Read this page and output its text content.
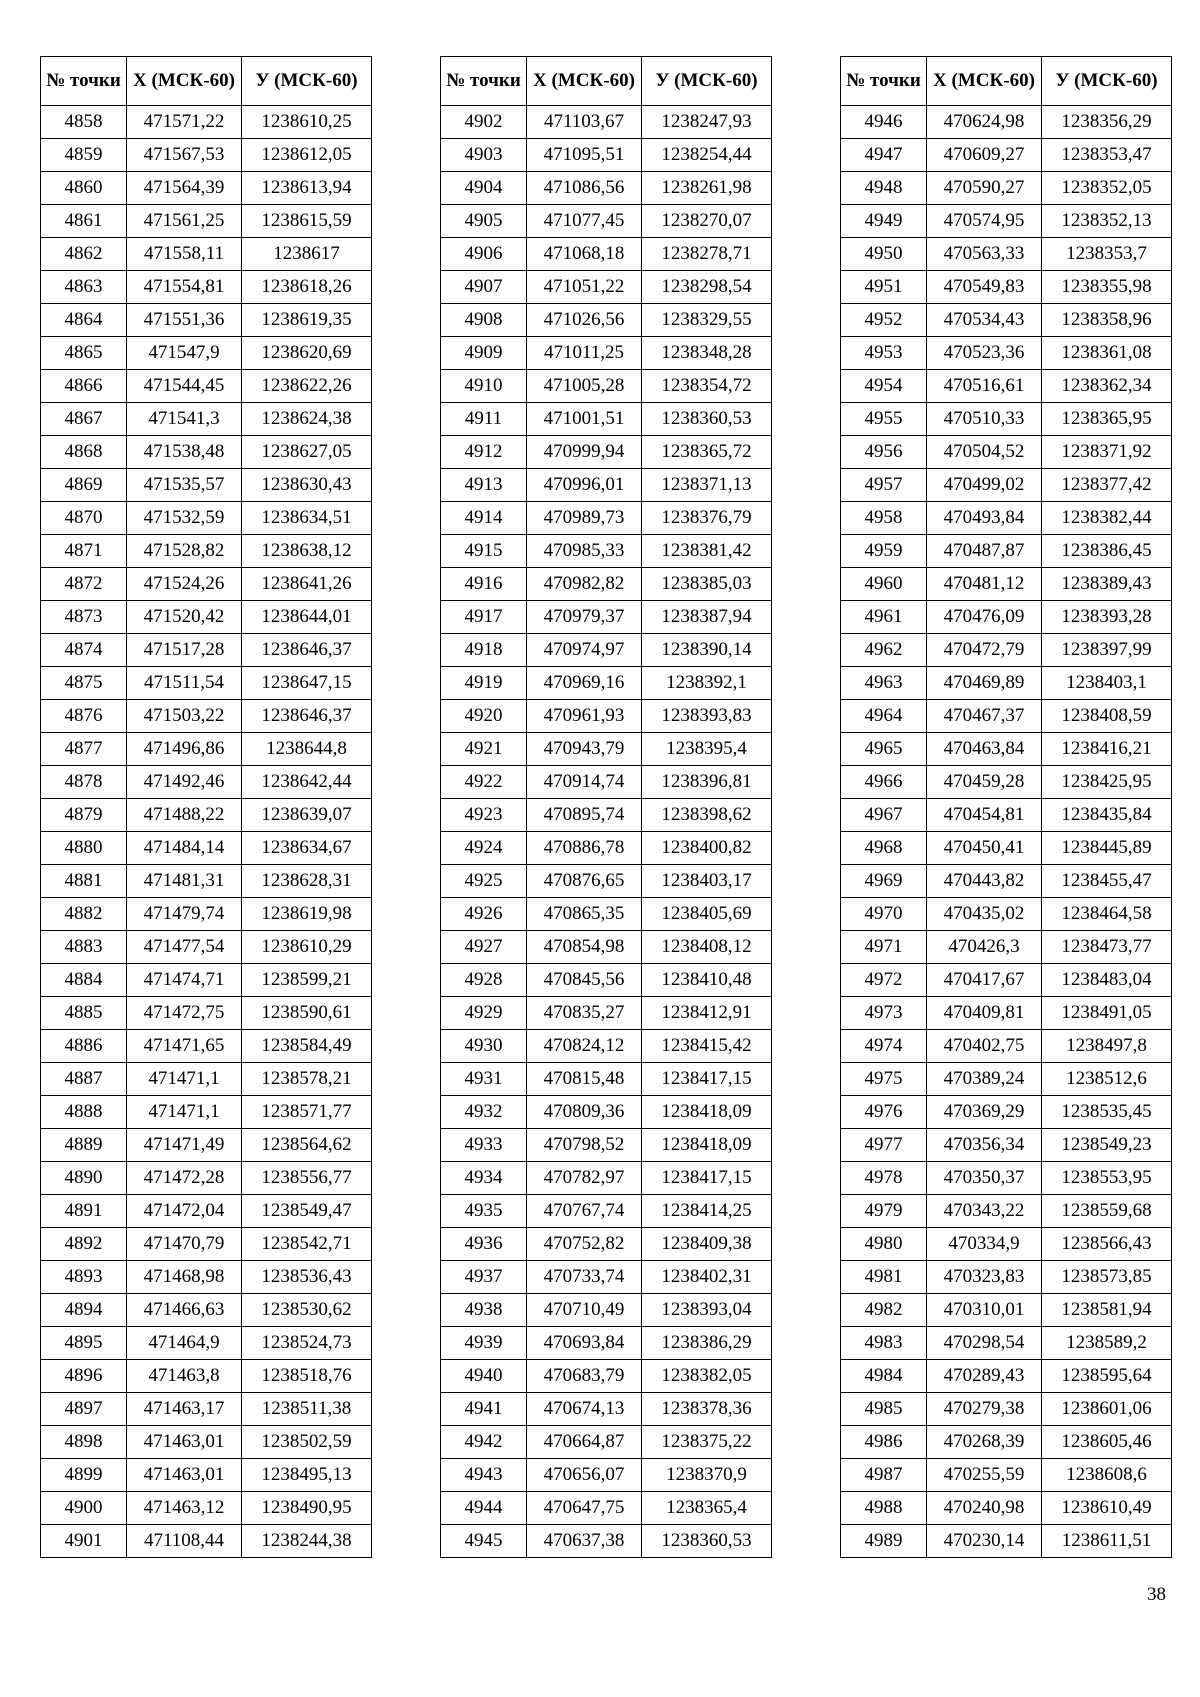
№ точки	X (МСК-60)	У (МСК-60)
4858	471571,22	1238610,25
4859	471567,53	1238612,05
4860	471564,39	1238613,94
4861	471561,25	1238615,59
4862	471558,11	1238617
4863	471554,81	1238618,26
4864	471551,36	1238619,35
4865	471547,9	1238620,69
4866	471544,45	1238622,26
4867	471541,3	1238624,38
4868	471538,48	1238627,05
4869	471535,57	1238630,43
4870	471532,59	1238634,51
4871	471528,82	1238638,12
4872	471524,26	1238641,26
4873	471520,42	1238644,01
4874	471517,28	1238646,37
4875	471511,54	1238647,15
4876	471503,22	1238646,37
4877	471496,86	1238644,8
4878	471492,46	1238642,44
4879	471488,22	1238639,07
4880	471484,14	1238634,67
4881	471481,31	1238628,31
4882	471479,74	1238619,98
4883	471477,54	1238610,29
4884	471474,71	1238599,21
4885	471472,75	1238590,61
4886	471471,65	1238584,49
4887	471471,1	1238578,21
4888	471471,1	1238571,77
4889	471471,49	1238564,62
4890	471472,28	1238556,77
4891	471472,04	1238549,47
4892	471470,79	1238542,71
4893	471468,98	1238536,43
4894	471466,63	1238530,62
4895	471464,9	1238524,73
4896	471463,8	1238518,76
4897	471463,17	1238511,38
4898	471463,01	1238502,59
4899	471463,01	1238495,13
4900	471463,12	1238490,95
4901	471108,44	1238244,38
№ точки	X (МСК-60)	У (МСК-60)
4902	471103,67	1238247,93
4903	471095,51	1238254,44
4904	471086,56	1238261,98
4905	471077,45	1238270,07
4906	471068,18	1238278,71
4907	471051,22	1238298,54
4908	471026,56	1238329,55
4909	471011,25	1238348,28
4910	471005,28	1238354,72
4911	471001,51	1238360,53
4912	470999,94	1238365,72
4913	470996,01	1238371,13
4914	470989,73	1238376,79
4915	470985,33	1238381,42
4916	470982,82	1238385,03
4917	470979,37	1238387,94
4918	470974,97	1238390,14
4919	470969,16	1238392,1
4920	470961,93	1238393,83
4921	470943,79	1238395,4
4922	470914,74	1238396,81
4923	470895,74	1238398,62
4924	470886,78	1238400,82
4925	470876,65	1238403,17
4926	470865,35	1238405,69
4927	470854,98	1238408,12
4928	470845,56	1238410,48
4929	470835,27	1238412,91
4930	470824,12	1238415,42
4931	470815,48	1238417,15
4932	470809,36	1238418,09
4933	470798,52	1238418,09
4934	470782,97	1238417,15
4935	470767,74	1238414,25
4936	470752,82	1238409,38
4937	470733,74	1238402,31
4938	470710,49	1238393,04
4939	470693,84	1238386,29
4940	470683,79	1238382,05
4941	470674,13	1238378,36
4942	470664,87	1238375,22
4943	470656,07	1238370,9
4944	470647,75	1238365,4
4945	470637,38	1238360,53
№ точки	X (МСК-60)	У (МСК-60)
4946	470624,98	1238356,29
4947	470609,27	1238353,47
4948	470590,27	1238352,05
4949	470574,95	1238352,13
4950	470563,33	1238353,7
4951	470549,83	1238355,98
4952	470534,43	1238358,96
4953	470523,36	1238361,08
4954	470516,61	1238362,34
4955	470510,33	1238365,95
4956	470504,52	1238371,92
4957	470499,02	1238377,42
4958	470493,84	1238382,44
4959	470487,87	1238386,45
4960	470481,12	1238389,43
4961	470476,09	1238393,28
4962	470472,79	1238397,99
4963	470469,89	1238403,1
4964	470467,37	1238408,59
4965	470463,84	1238416,21
4966	470459,28	1238425,95
4967	470454,81	1238435,84
4968	470450,41	1238445,89
4969	470443,82	1238455,47
4970	470435,02	1238464,58
4971	470426,3	1238473,77
4972	470417,67	1238483,04
4973	470409,81	1238491,05
4974	470402,75	1238497,8
4975	470389,24	1238512,6
4976	470369,29	1238535,45
4977	470356,34	1238549,23
4978	470350,37	1238553,95
4979	470343,22	1238559,68
4980	470334,9	1238566,43
4981	470323,83	1238573,85
4982	470310,01	1238581,94
4983	470298,54	1238589,2
4984	470289,43	1238595,64
4985	470279,38	1238601,06
4986	470268,39	1238605,46
4987	470255,59	1238608,6
4988	470240,98	1238610,49
4989	470230,14	1238611,51
38
